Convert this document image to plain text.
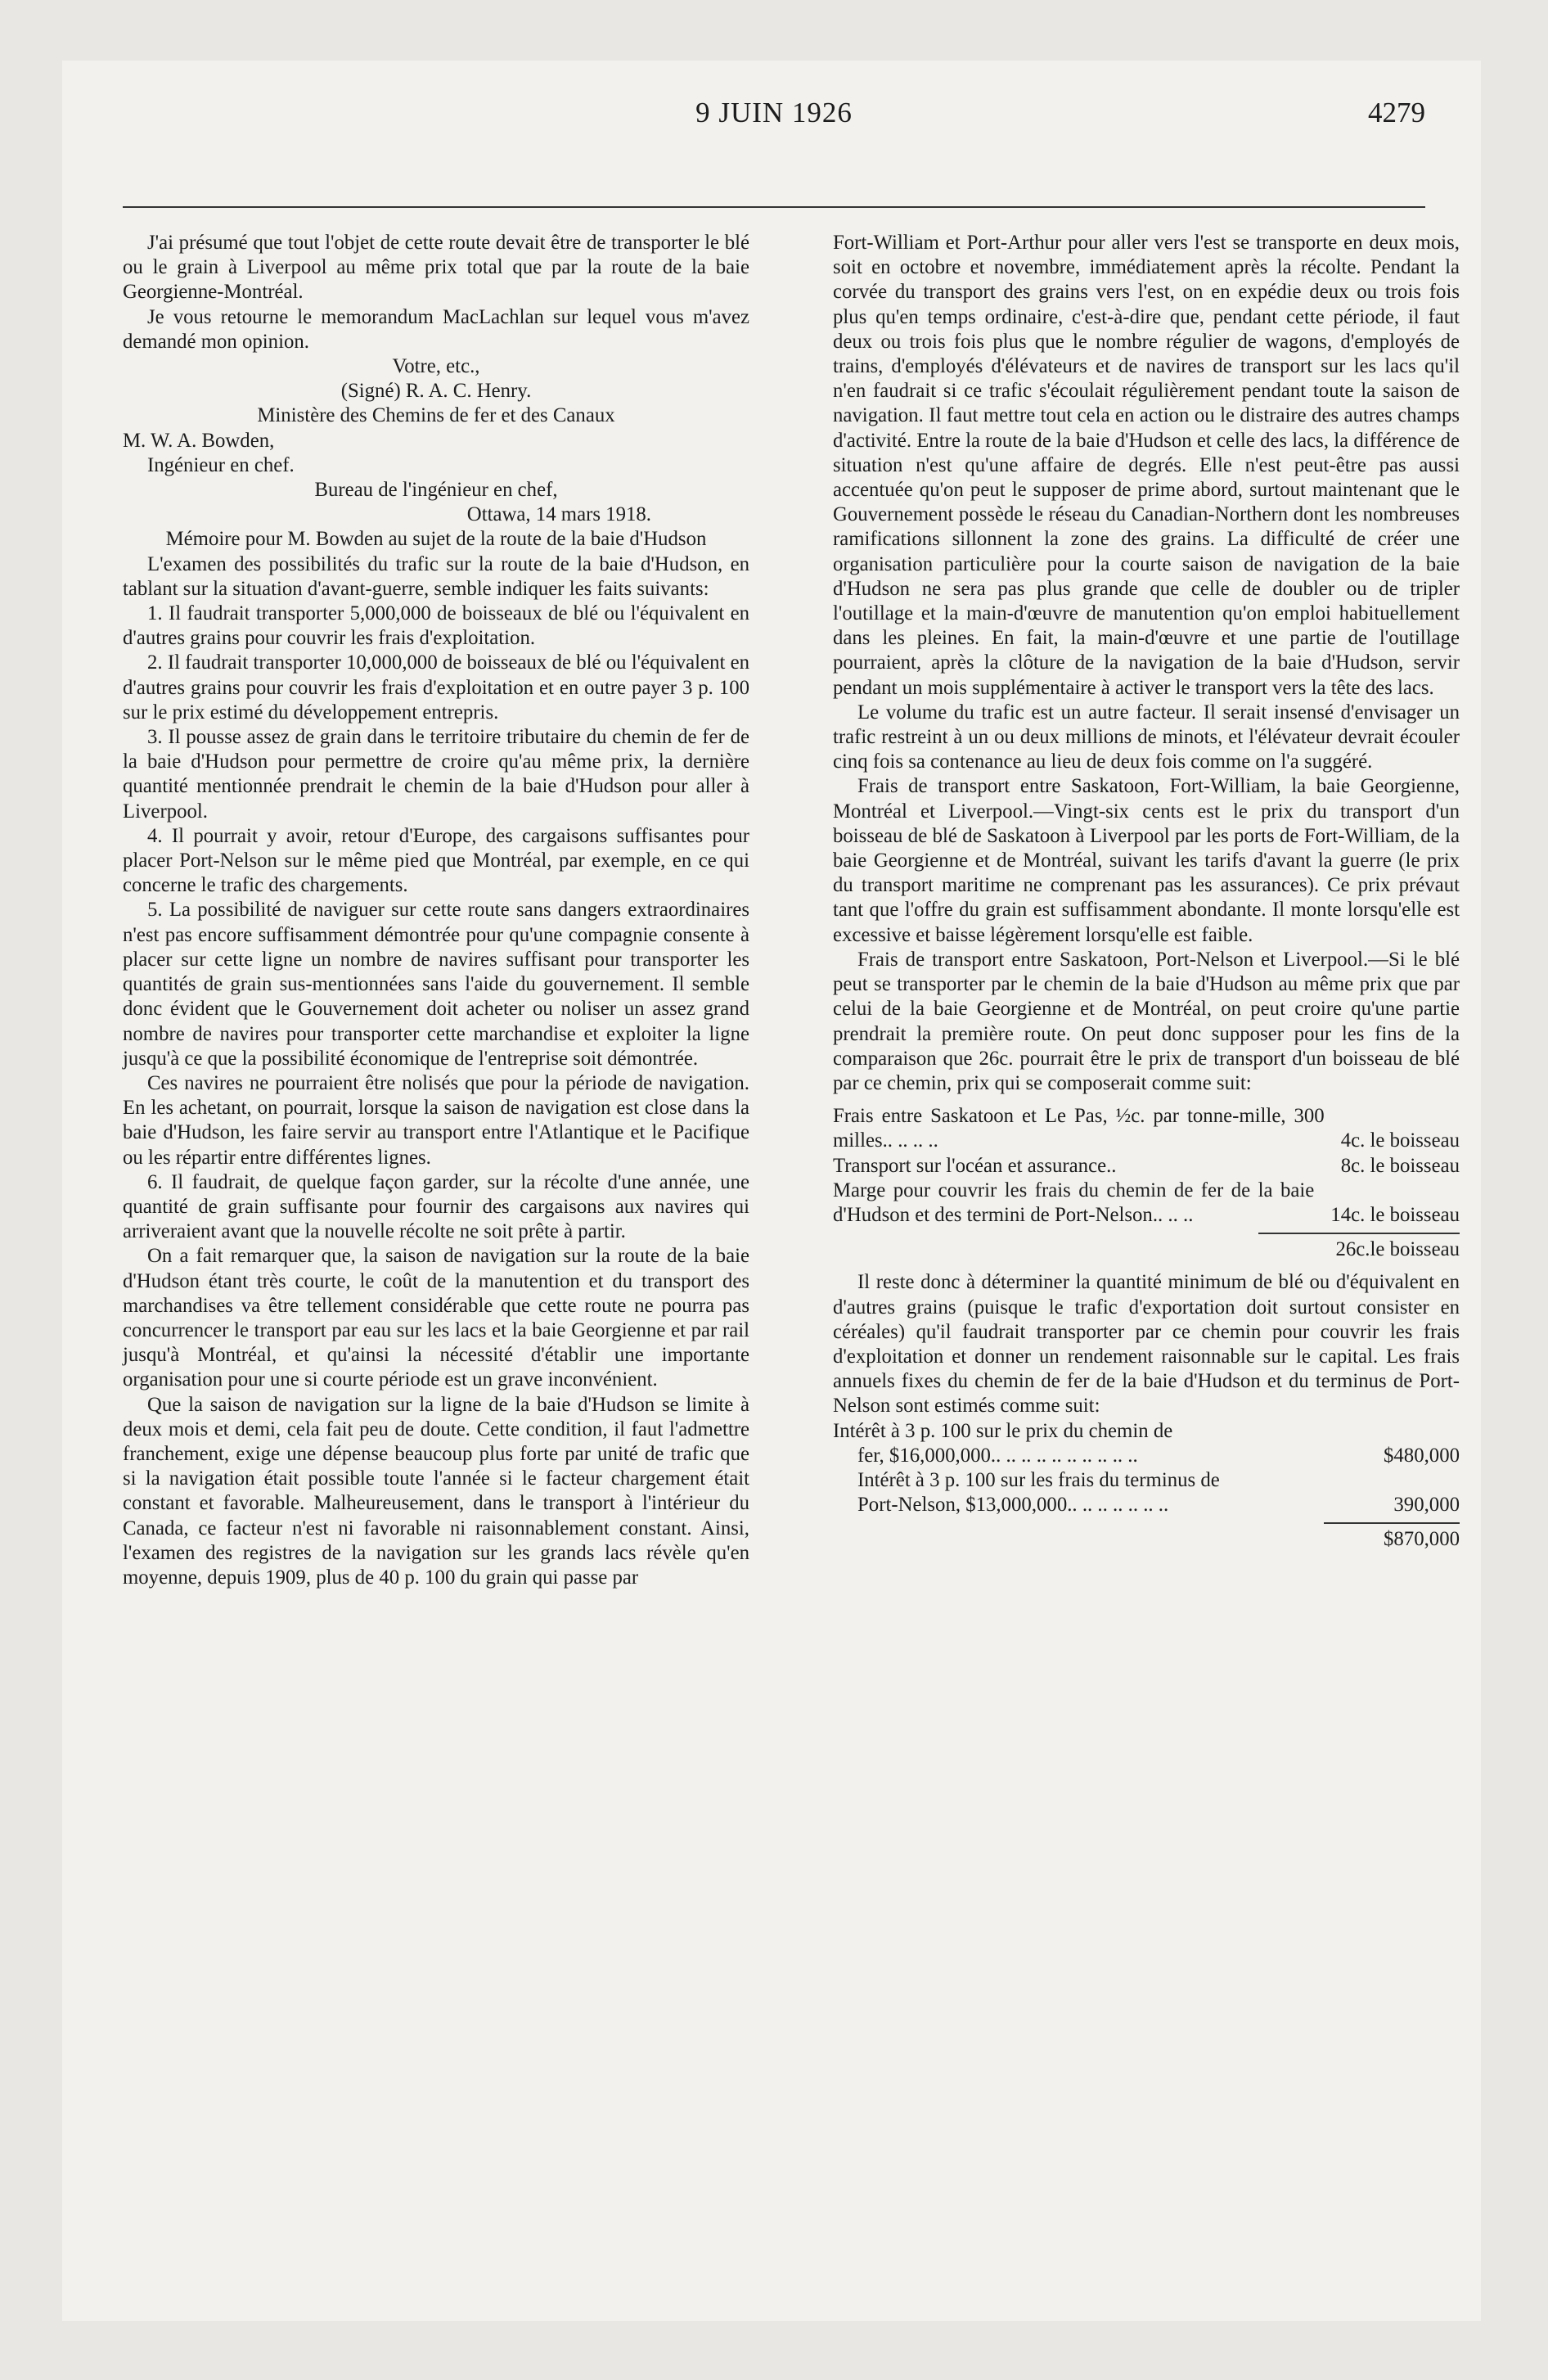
9 JUIN 1926	4279

J'ai présumé que tout l'objet de cette route devait être de transporter le blé ou le grain à Liverpool au même prix total que par la route de la baie Georgienne-Montréal.

Je vous retourne le memorandum MacLachlan sur lequel vous m'avez demandé mon opinion.

Votre, etc.,

(Signé) R. A. C. Henry.

Ministère des Chemins de fer et des Canaux

M. W. A. Bowden,

Ingénieur en chef.

Bureau de l'ingénieur en chef,

Ottawa, 14 mars 1918.

Mémoire pour M. Bowden au sujet de la route de la baie d'Hudson

L'examen des possibilités du trafic sur la route de la baie d'Hudson, en tablant sur la situation d'avant-guerre, semble indiquer les faits suivants:

1. Il faudrait transporter 5,000,000 de boisseaux de blé ou l'équivalent en d'autres grains pour couvrir les frais d'exploitation.

2. Il faudrait transporter 10,000,000 de boisseaux de blé ou l'équivalent en d'autres grains pour couvrir les frais d'exploitation et en outre payer 3 p. 100 sur le prix estimé du développement entrepris.

3. Il pousse assez de grain dans le territoire tributaire du chemin de fer de la baie d'Hudson pour permettre de croire qu'au même prix, la dernière quantité mentionnée prendrait le chemin de la baie d'Hudson pour aller à Liverpool.

4. Il pourrait y avoir, retour d'Europe, des cargaisons suffisantes pour placer Port-Nelson sur le même pied que Montréal, par exemple, en ce qui concerne le trafic des chargements.

5. La possibilité de naviguer sur cette route sans dangers extraordinaires n'est pas encore suffisamment démontrée pour qu'une compagnie consente à placer sur cette ligne un nombre de navires suffisant pour transporter les quantités de grain sus-mentionnées sans l'aide du gouvernement. Il semble donc évident que le Gouvernement doit acheter ou noliser un assez grand nombre de navires pour transporter cette marchandise et exploiter la ligne jusqu'à ce que la possibilité économique de l'entreprise soit démontrée.

Ces navires ne pourraient être nolisés que pour la période de navigation. En les achetant, on pourrait, lorsque la saison de navigation est close dans la baie d'Hudson, les faire servir au transport entre l'Atlantique et le Pacifique ou les répartir entre différentes lignes.

6. Il faudrait, de quelque façon garder, sur la récolte d'une année, une quantité de grain suffisante pour fournir des cargaisons aux navires qui arriveraient avant que la nouvelle récolte ne soit prête à partir.

On a fait remarquer que, la saison de navigation sur la route de la baie d'Hudson étant très courte, le coût de la manutention et du transport des marchandises va être tellement considérable que cette route ne pourra pas concurrencer le transport par eau sur les lacs et la baie Georgienne et par rail jusqu'à Montréal, et qu'ainsi la nécessité d'établir une importante organisation pour une si courte période est un grave inconvénient.

Que la saison de navigation sur la ligne de la baie d'Hudson se limite à deux mois et demi, cela fait peu de doute. Cette condition, il faut l'admettre franchement, exige une dépense beaucoup plus forte par unité de trafic que si la navigation était possible toute l'année si le facteur chargement était constant et favorable. Malheureusement, dans le transport à l'intérieur du Canada, ce facteur n'est ni favorable ni raisonnablement constant. Ainsi, l'examen des registres de la navigation sur les grands lacs révèle qu'en moyenne, depuis 1909, plus de 40 p. 100 du grain qui passe par

Fort-William et Port-Arthur pour aller vers l'est se transporte en deux mois, soit en octobre et novembre, immédiatement après la récolte. Pendant la corvée du transport des grains vers l'est, on en expédie deux ou trois fois plus qu'en temps ordinaire, c'est-à-dire que, pendant cette période, il faut deux ou trois fois plus que le nombre régulier de wagons, d'employés de trains, d'employés d'élévateurs et de navires de transport sur les lacs qu'il n'en faudrait si ce trafic s'écoulait régulièrement pendant toute la saison de navigation. Il faut mettre tout cela en action ou le distraire des autres champs d'activité. Entre la route de la baie d'Hudson et celle des lacs, la différence de situation n'est qu'une affaire de degrés. Elle n'est peut-être pas aussi accentuée qu'on peut le supposer de prime abord, surtout maintenant que le Gouvernement possède le réseau du Canadian-Northern dont les nombreuses ramifications sillonnent la zone des grains. La difficulté de créer une organisation particulière pour la courte saison de navigation de la baie d'Hudson ne sera pas plus grande que celle de doubler ou de tripler l'outillage et la main-d'œuvre de manutention qu'on emploi habituellement dans les pleines. En fait, la main-d'œuvre et une partie de l'outillage pourraient, après la clôture de la navigation de la baie d'Hudson, servir pendant un mois supplémentaire à activer le transport vers la tête des lacs.

Le volume du trafic est un autre facteur. Il serait insensé d'envisager un trafic restreint à un ou deux millions de minots, et l'élévateur devrait écouler cinq fois sa contenance au lieu de deux fois comme on l'a suggéré.

Frais de transport entre Saskatoon, Fort-William, la baie Georgienne, Montréal et Liverpool.—Vingt-six cents est le prix du transport d'un boisseau de blé de Saskatoon à Liverpool par les ports de Fort-William, de la baie Georgienne et de Montréal, suivant les tarifs d'avant la guerre (le prix du transport maritime ne comprenant pas les assurances). Ce prix prévaut tant que l'offre du grain est suffisamment abondante. Il monte lorsqu'elle est excessive et baisse légèrement lorsqu'elle est faible.

Frais de transport entre Saskatoon, Port-Nelson et Liverpool.—Si le blé peut se transporter par le chemin de la baie d'Hudson au même prix que par celui de la baie Georgienne et de Montréal, on peut croire qu'une partie prendrait la première route. On peut donc supposer pour les fins de la comparaison que 26c. pourrait être le prix de transport d'un boisseau de blé par ce chemin, prix qui se composerait comme suit:

Frais entre Saskatoon et Le Pas, ½c. par tonne-mille, 300 milles.. .. .. ..	4c. le boisseau
Transport sur l'océan et assurance..	8c. le boisseau
Marge pour couvrir les frais du chemin de fer de la baie d'Hudson et des termini de Port-Nelson.. .. ..	14c. le boisseau

26c.le boisseau

Il reste donc à déterminer la quantité minimum de blé ou d'équivalent en d'autres grains (puisque le trafic d'exportation doit surtout consister en céréales) qu'il faudrait transporter par ce chemin pour couvrir les frais d'exploitation et donner un rendement raisonnable sur le capital. Les frais annuels fixes du chemin de fer de la baie d'Hudson et du terminus de Port-Nelson sont estimés comme suit:

Intérêt à 3 p. 100 sur le prix du chemin de

fer, $16,000,000.. .. .. .. .. .. .. .. .. ..	$480,000

Intérêt à 3 p. 100 sur les frais du terminus de

Port-Nelson, $13,000,000.. .. .. .. .. .. ..	390,000

$870,000
